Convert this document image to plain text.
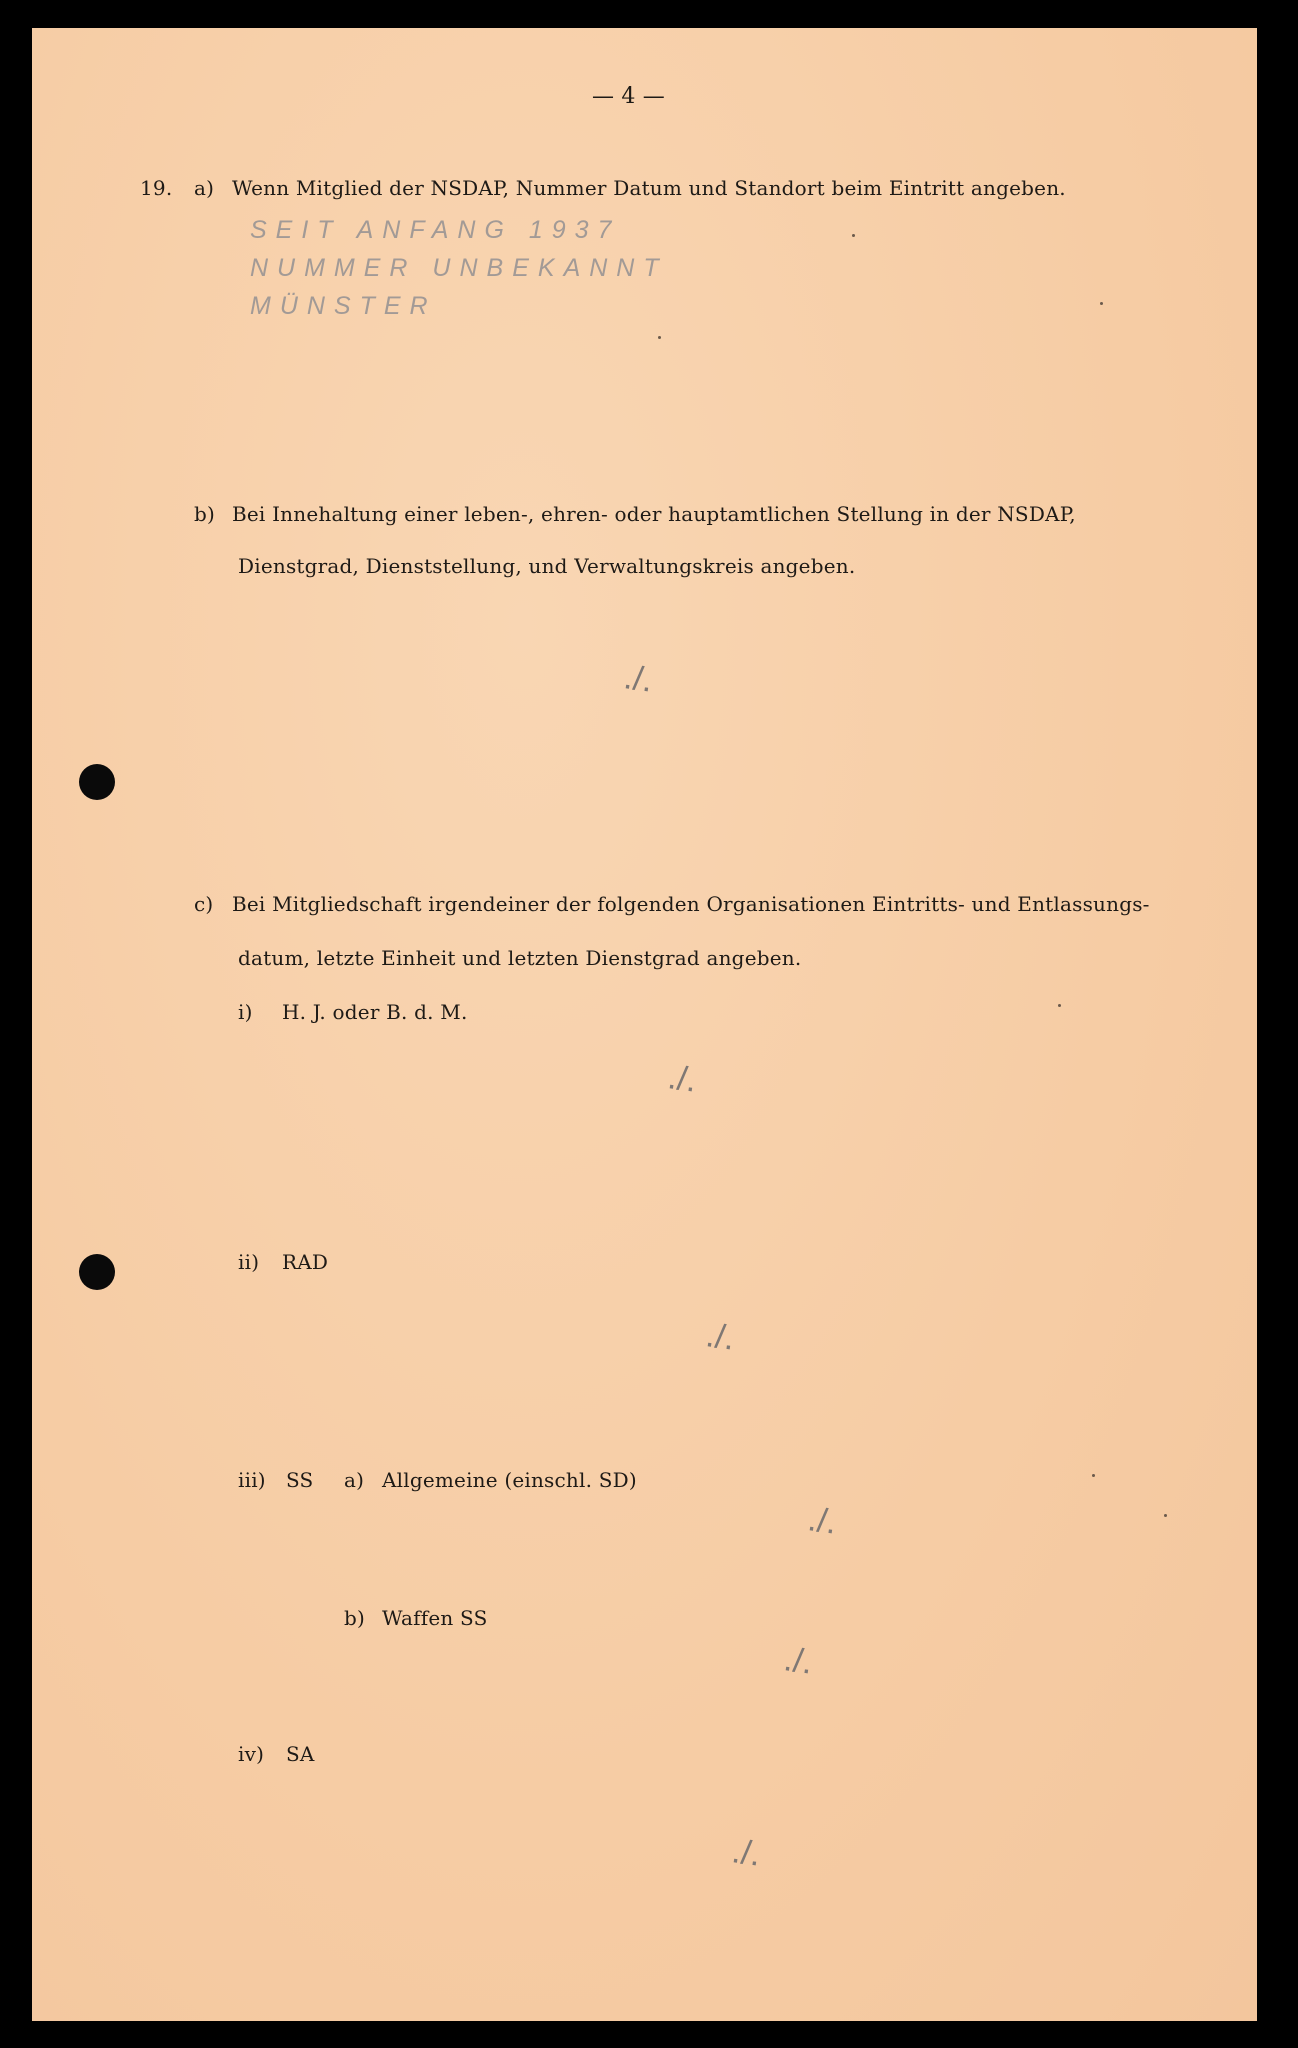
— 4 —
19. a) Wenn Mitglied der NSDAP, Nummer Datum und Standort beim Eintritt angeben.
SEIT ANFANG 1937
NUMMER UNBEKANNT
MÜNSTER
b) Bei Innehaltung einer leben-, ehren- oder hauptamtlichen Stellung in der NSDAP,
Dienstgrad, Dienststellung, und Verwaltungskreis angeben.
./.
c) Bei Mitgliedschaft irgendeiner der folgenden Organisationen Eintritts- und Entlassungs-
datum, letzte Einheit und letzten Dienstgrad angeben.
i) H. J. oder B. d. M.
./.
ii) RAD
./.
iii) SS a) Allgemeine (einschl. SD)
./.
b) Waffen SS
./.
iv) SA
./.
